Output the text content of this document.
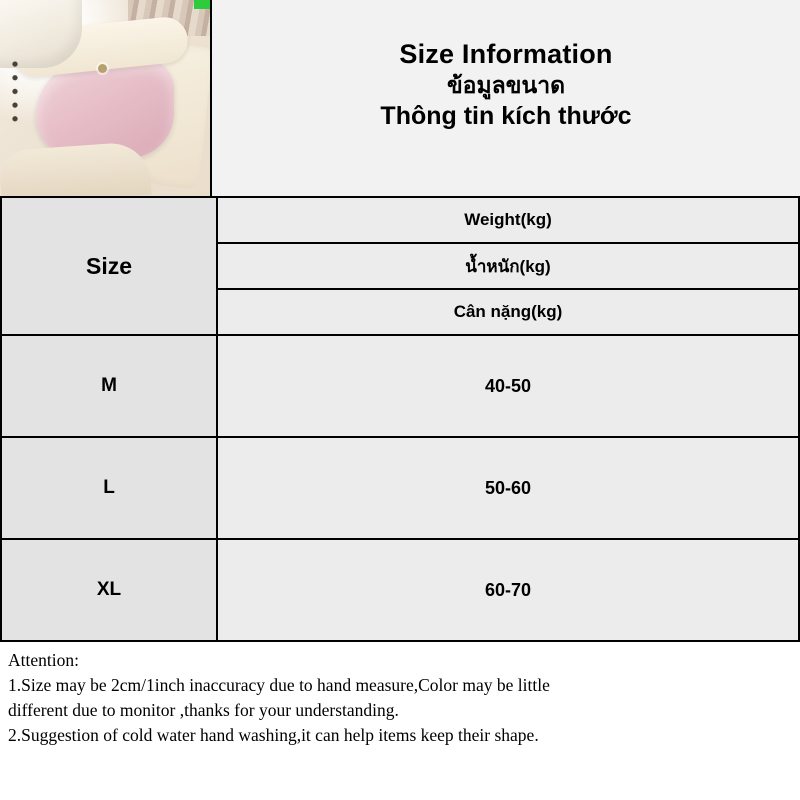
Size Information
ข้อมูลขนาด
Thông tin kích thước
Size	Weight(kg)
	น้ำหนัก(kg)
	Cân nặng(kg)
M	40-50
L	50-60
XL	60-70
Attention:
1.Size may be 2cm/1inch inaccuracy due to hand measure,Color may be little
different due to monitor ,thanks for your understanding.
2.Suggestion of cold water hand washing,it can help items keep their shape.
